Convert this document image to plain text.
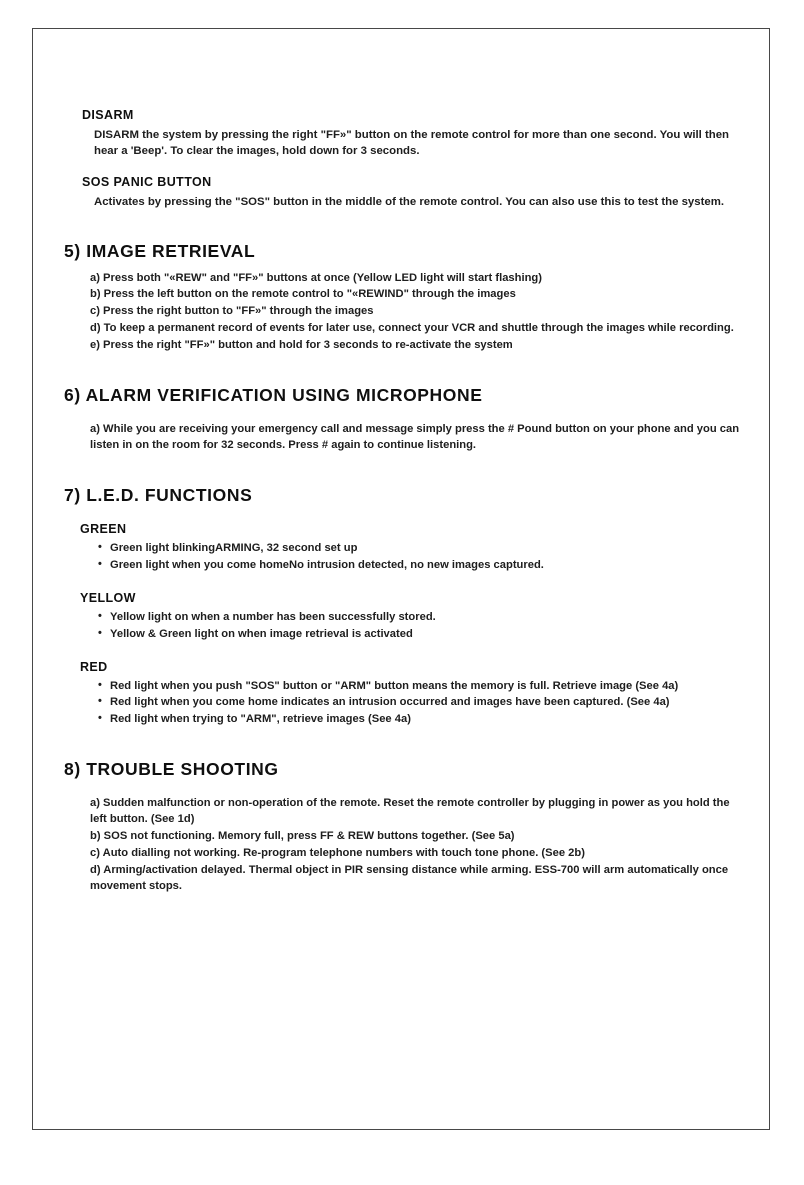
DISARM

DISARM the system by pressing the right "FF»" button on the remote control for more than one second. You will then hear a 'Beep'. To clear the images, hold down for 3 seconds.

SOS PANIC BUTTON

Activates by pressing the "SOS" button in the middle of the remote control. You can also use this to test the system.

5) IMAGE RETRIEVAL
a) Press both "«REW" and "FF»" buttons at once (Yellow LED light will start flashing)
b) Press the left button on the remote control to "«REWIND" through the images
c) Press the right button to "FF»" through the images
d) To keep a permanent record of events for later use, connect your VCR and shuttle through the images while recording.
e) Press the right "FF»" button and hold for 3 seconds to re-activate the system
6) ALARM VERIFICATION USING MICROPHONE
a) While you are receiving your emergency call and message simply press the # Pound button on your phone and you can listen in on the room for 32 seconds. Press # again to continue listening.
7) L.E.D. FUNCTIONS

GREEN

• Green light blinkingARMING, 32 second set up
• Green light when you come homeNo intrusion detected, no new images captured.

YELLOW

• Yellow light on when a number has been successfully stored.
• Yellow & Green light on when image retrieval is activated

RED

• Red light when you push "SOS" button or "ARM" button means the memory is full. Retrieve image (See 4a)
• Red light when you come home indicates an intrusion occurred and images have been captured. (See 4a)
• Red light when trying to "ARM", retrieve images (See 4a)
8) TROUBLE SHOOTING
a) Sudden malfunction or non-operation of the remote. Reset the remote controller by plugging in power as you hold the left button. (See 1d)
b) SOS not functioning. Memory full, press FF & REW buttons together. (See 5a)
c) Auto dialling not working. Re-program telephone numbers with touch tone phone. (See 2b)
d) Arming/activation delayed. Thermal object in PIR sensing distance while arming. ESS-700 will arm automatically once movement stops.
